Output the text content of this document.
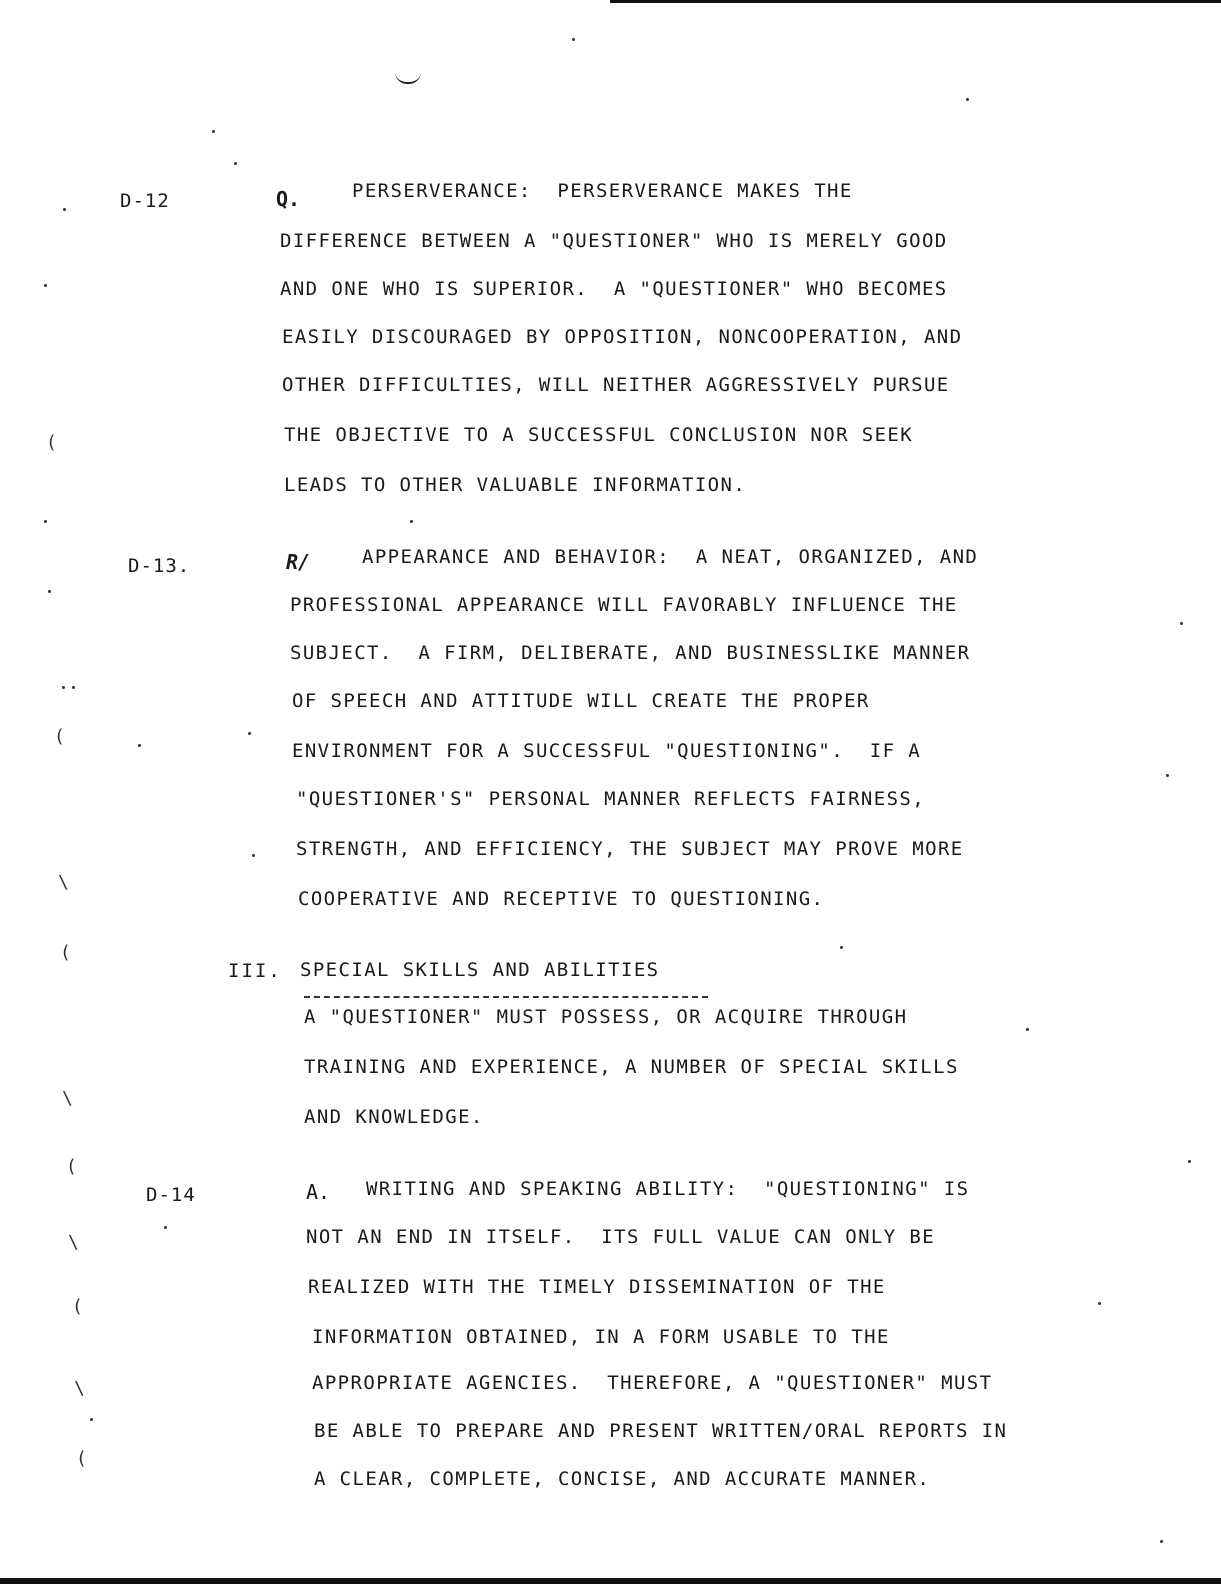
D-12	Q.	PERSERVERANCE:  PERSERVERANCE MAKES THE
DIFFERENCE BETWEEN A "QUESTIONER" WHO IS MERELY GOOD
AND ONE WHO IS SUPERIOR.  A "QUESTIONER" WHO BECOMES
EASILY DISCOURAGED BY OPPOSITION, NONCOOPERATION, AND
OTHER DIFFICULTIES, WILL NEITHER AGGRESSIVELY PURSUE
THE OBJECTIVE TO A SUCCESSFUL CONCLUSION NOR SEEK
LEADS TO OTHER VALUABLE INFORMATION.
D-13.	R/	APPEARANCE AND BEHAVIOR:  A NEAT, ORGANIZED, AND
PROFESSIONAL APPEARANCE WILL FAVORABLY INFLUENCE THE
SUBJECT.  A FIRM, DELIBERATE, AND BUSINESSLIKE MANNER
OF SPEECH AND ATTITUDE WILL CREATE THE PROPER
ENVIRONMENT FOR A SUCCESSFUL "QUESTIONING".  IF A
"QUESTIONER'S" PERSONAL MANNER REFLECTS FAIRNESS,
STRENGTH, AND EFFICIENCY, THE SUBJECT MAY PROVE MORE
COOPERATIVE AND RECEPTIVE TO QUESTIONING.
III. SPECIAL SKILLS AND ABILITIES
A "QUESTIONER" MUST POSSESS, OR ACQUIRE THROUGH
TRAINING AND EXPERIENCE, A NUMBER OF SPECIAL SKILLS
AND KNOWLEDGE.
D-14	A. WRITING AND SPEAKING ABILITY:  "QUESTIONING" IS
NOT AN END IN ITSELF.  ITS FULL VALUE CAN ONLY BE
REALIZED WITH THE TIMELY DISSEMINATION OF THE
INFORMATION OBTAINED, IN A FORM USABLE TO THE
APPROPRIATE AGENCIES.  THEREFORE, A "QUESTIONER" MUST
BE ABLE TO PREPARE AND PRESENT WRITTEN/ORAL REPORTS IN
A CLEAR, COMPLETE, CONCISE, AND ACCURATE MANNER.
(
(
\
(
\
(
\
(
\
(
